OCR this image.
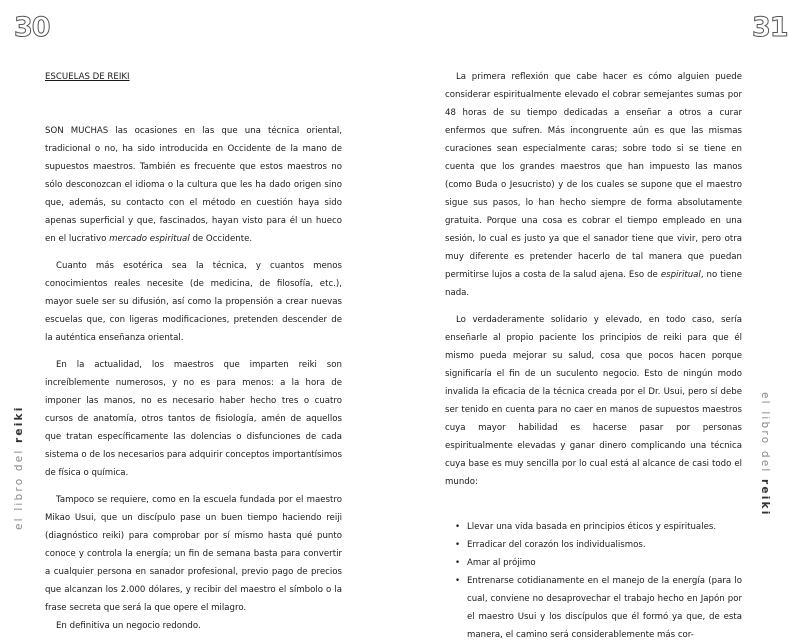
30	31
el libro del reiki	el libro del reiki

ESCUELAS DE REIKI

SON MUCHAS las ocasiones en las que una técnica oriental, tradicional o no, ha sido introducida en Occidente de la mano de supuestos maestros. También es frecuente que estos maestros no sólo desconozcan el idioma o la cultura que les ha dado origen sino que, además, su contacto con el método en cuestión haya sido apenas superficial y que, fascinados, hayan visto para él un hueco en el lucrativo mercado espiritual de Occidente.

Cuanto más esotérica sea la técnica, y cuantos menos conocimientos reales necesite (de medicina, de filosofía, etc.), mayor suele ser su difusión, así como la propensión a crear nuevas escuelas que, con ligeras modificaciones, pretenden descender de la auténtica enseñanza oriental.

En la actualidad, los maestros que imparten reiki son increíblemente numerosos, y no es para menos: a la hora de imponer las manos, no es necesario haber hecho tres o cuatro cursos de anatomía, otros tantos de fisiología, amén de aquellos que tratan específicamente las dolencias o disfunciones de cada sistema o de los necesarios para adquirir conceptos importantísimos de física o química.

Tampoco se requiere, como en la escuela fundada por el maestro Mikao Usui, que un discípulo pase un buen tiempo haciendo reiji (diagnóstico reiki) para comprobar por sí mismo hasta qué punto conoce y controla la energía; un fin de semana basta para convertir a cualquier persona en sanador profesional, previo pago de precios que alcanzan los 2.000 dólares, y recibir del maestro el símbolo o la frase secreta que será la que opere el milagro.

En definitiva un negocio redondo.

La primera reflexión que cabe hacer es cómo alguien puede considerar espiritualmente elevado el cobrar semejantes sumas por 48 horas de su tiempo dedicadas a enseñar a otros a curar enfermos que sufren. Más incongruente aún es que las mismas curaciones sean especialmente caras; sobre todo si se tiene en cuenta que los grandes maestros que han impuesto las manos (como Buda o Jesucristo) y de los cuales se supone que el maestro sigue sus pasos, lo han hecho siempre de forma absolutamente gratuita. Porque una cosa es cobrar el tiempo empleado en una sesión, lo cual es justo ya que el sanador tiene que vivir, pero otra muy diferente es pretender hacerlo de tal manera que puedan permitirse lujos a costa de la salud ajena. Eso de espiritual, no tiene nada.

Lo verdaderamente solidario y elevado, en todo caso, sería enseñarle al propio paciente los principios de reiki para que él mismo pueda mejorar su salud, cosa que pocos hacen porque significaría el fin de un suculento negocio. Esto de ningún modo invalida la eficacia de la técnica creada por el Dr. Usui, pero sí debe ser tenido en cuenta para no caer en manos de supuestos maestros cuya mayor habilidad es hacerse pasar por personas espiritualmente elevadas y ganar dinero complicando una técnica cuya base es muy sencilla por lo cual está al alcance de casi todo el mundo:

• Llevar una vida basada en principios éticos y espirituales.
• Erradicar del corazón los individualismos.
• Amar al prójimo
• Entrenarse cotidianamente en el manejo de la energía (para lo cual, conviene no desaprovechar el trabajo hecho en Japón por el maestro Usui y los discípulos que él formó ya que, de esta manera, el camino será considerablemente más cor-
